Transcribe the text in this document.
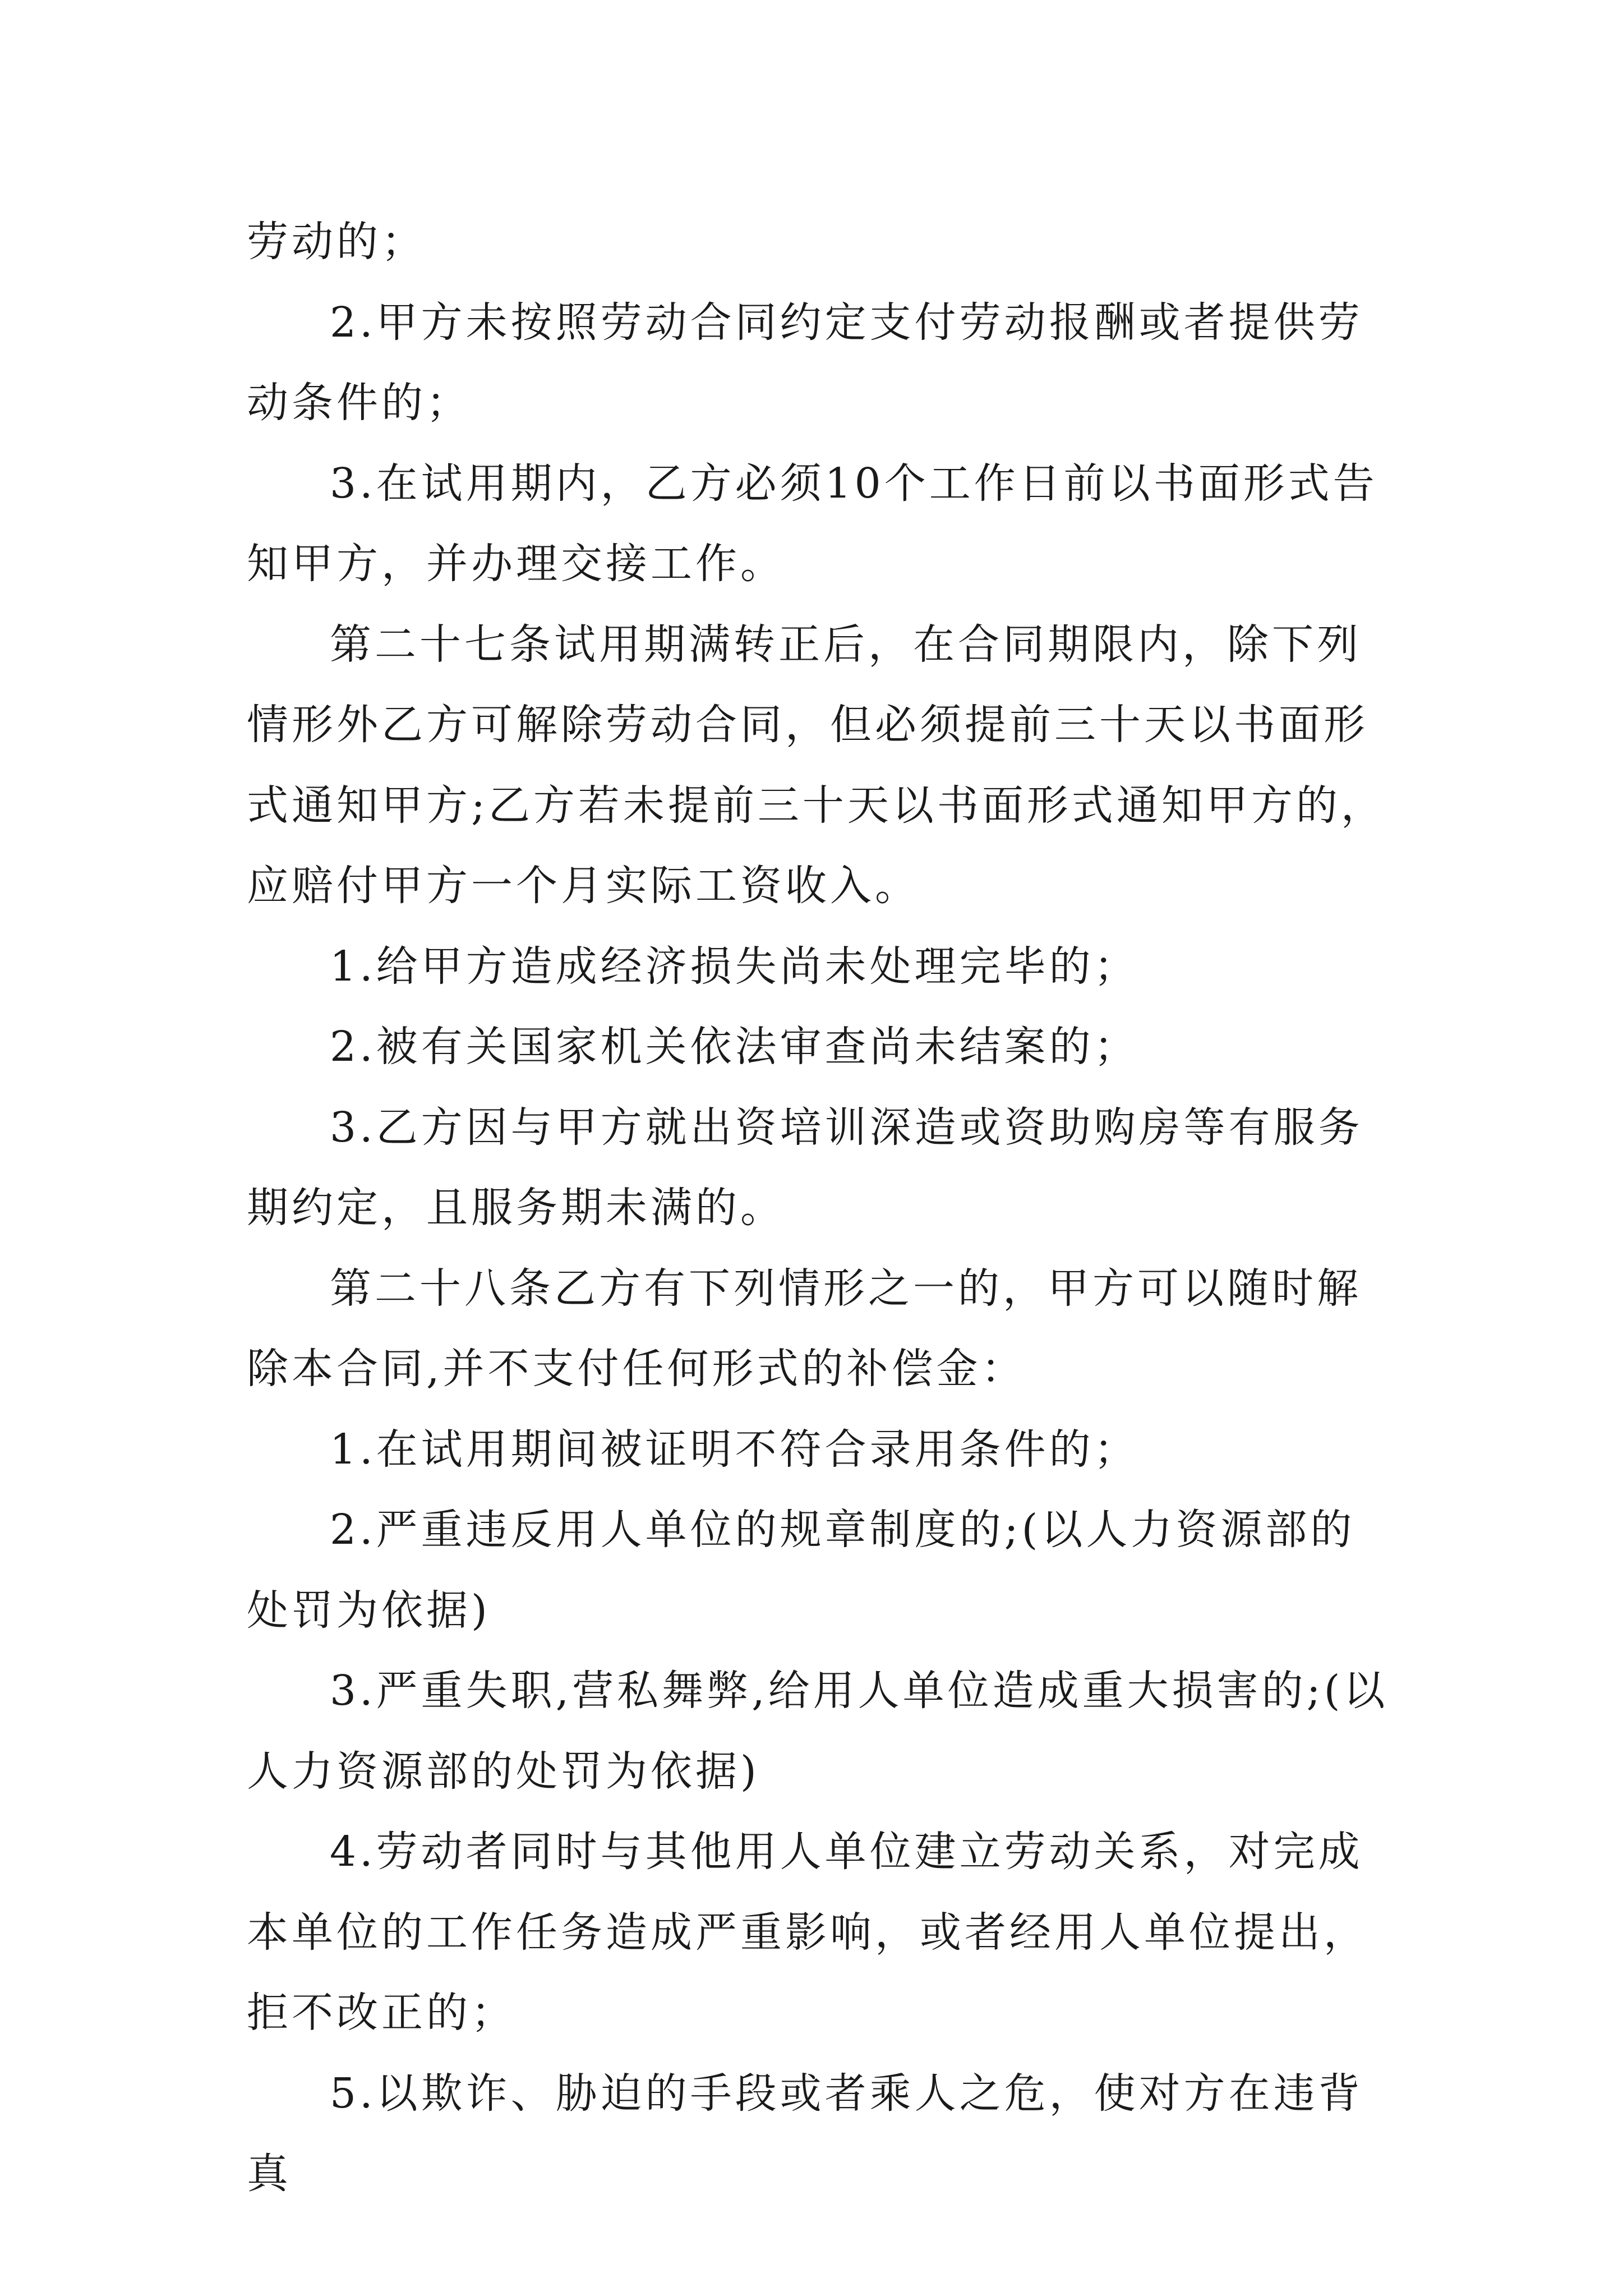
劳动的；

2.甲方未按照劳动合同约定支付劳动报酬或者提供劳动条件的；

3.在试用期内，乙方必须10个工作日前以书面形式告知甲方，并办理交接工作。

第二十七条试用期满转正后，在合同期限内，除下列情形外乙方可解除劳动合同，但必须提前三十天以书面形式通知甲方;乙方若未提前三十天以书面形式通知甲方的，应赔付甲方一个月实际工资收入。

1.给甲方造成经济损失尚未处理完毕的；

2.被有关国家机关依法审查尚未结案的；

3.乙方因与甲方就出资培训深造或资助购房等有服务期约定，且服务期未满的。

第二十八条乙方有下列情形之一的，甲方可以随时解除本合同,并不支付任何形式的补偿金：

1.在试用期间被证明不符合录用条件的；

2.严重违反用人单位的规章制度的;(以人力资源部的处罚为依据)

3.严重失职,营私舞弊,给用人单位造成重大损害的;(以人力资源部的处罚为依据)

4.劳动者同时与其他用人单位建立劳动关系，对完成本单位的工作任务造成严重影响，或者经用人单位提出，拒不改正的；

5.以欺诈、胁迫的手段或者乘人之危，使对方在违背真
